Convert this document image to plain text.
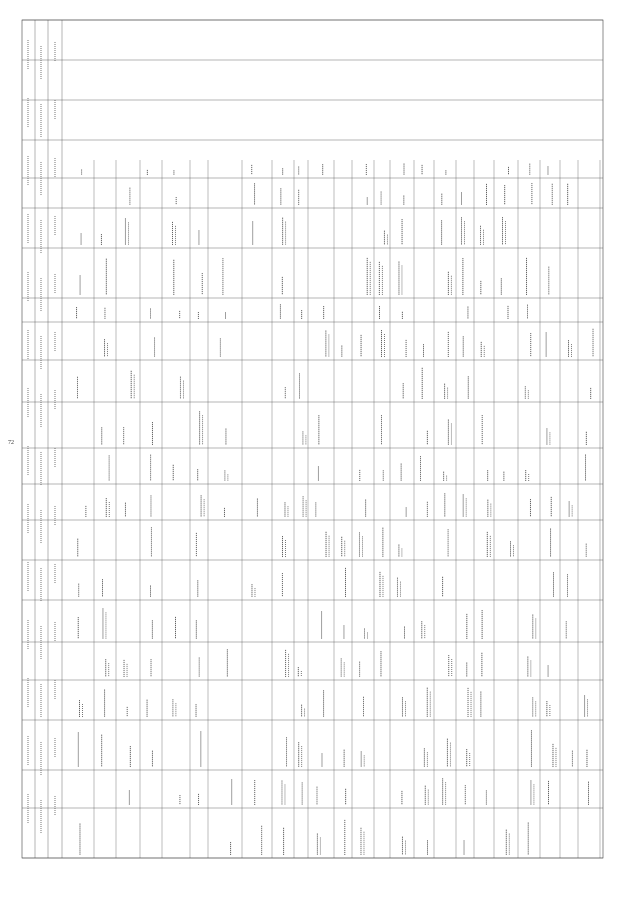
72
